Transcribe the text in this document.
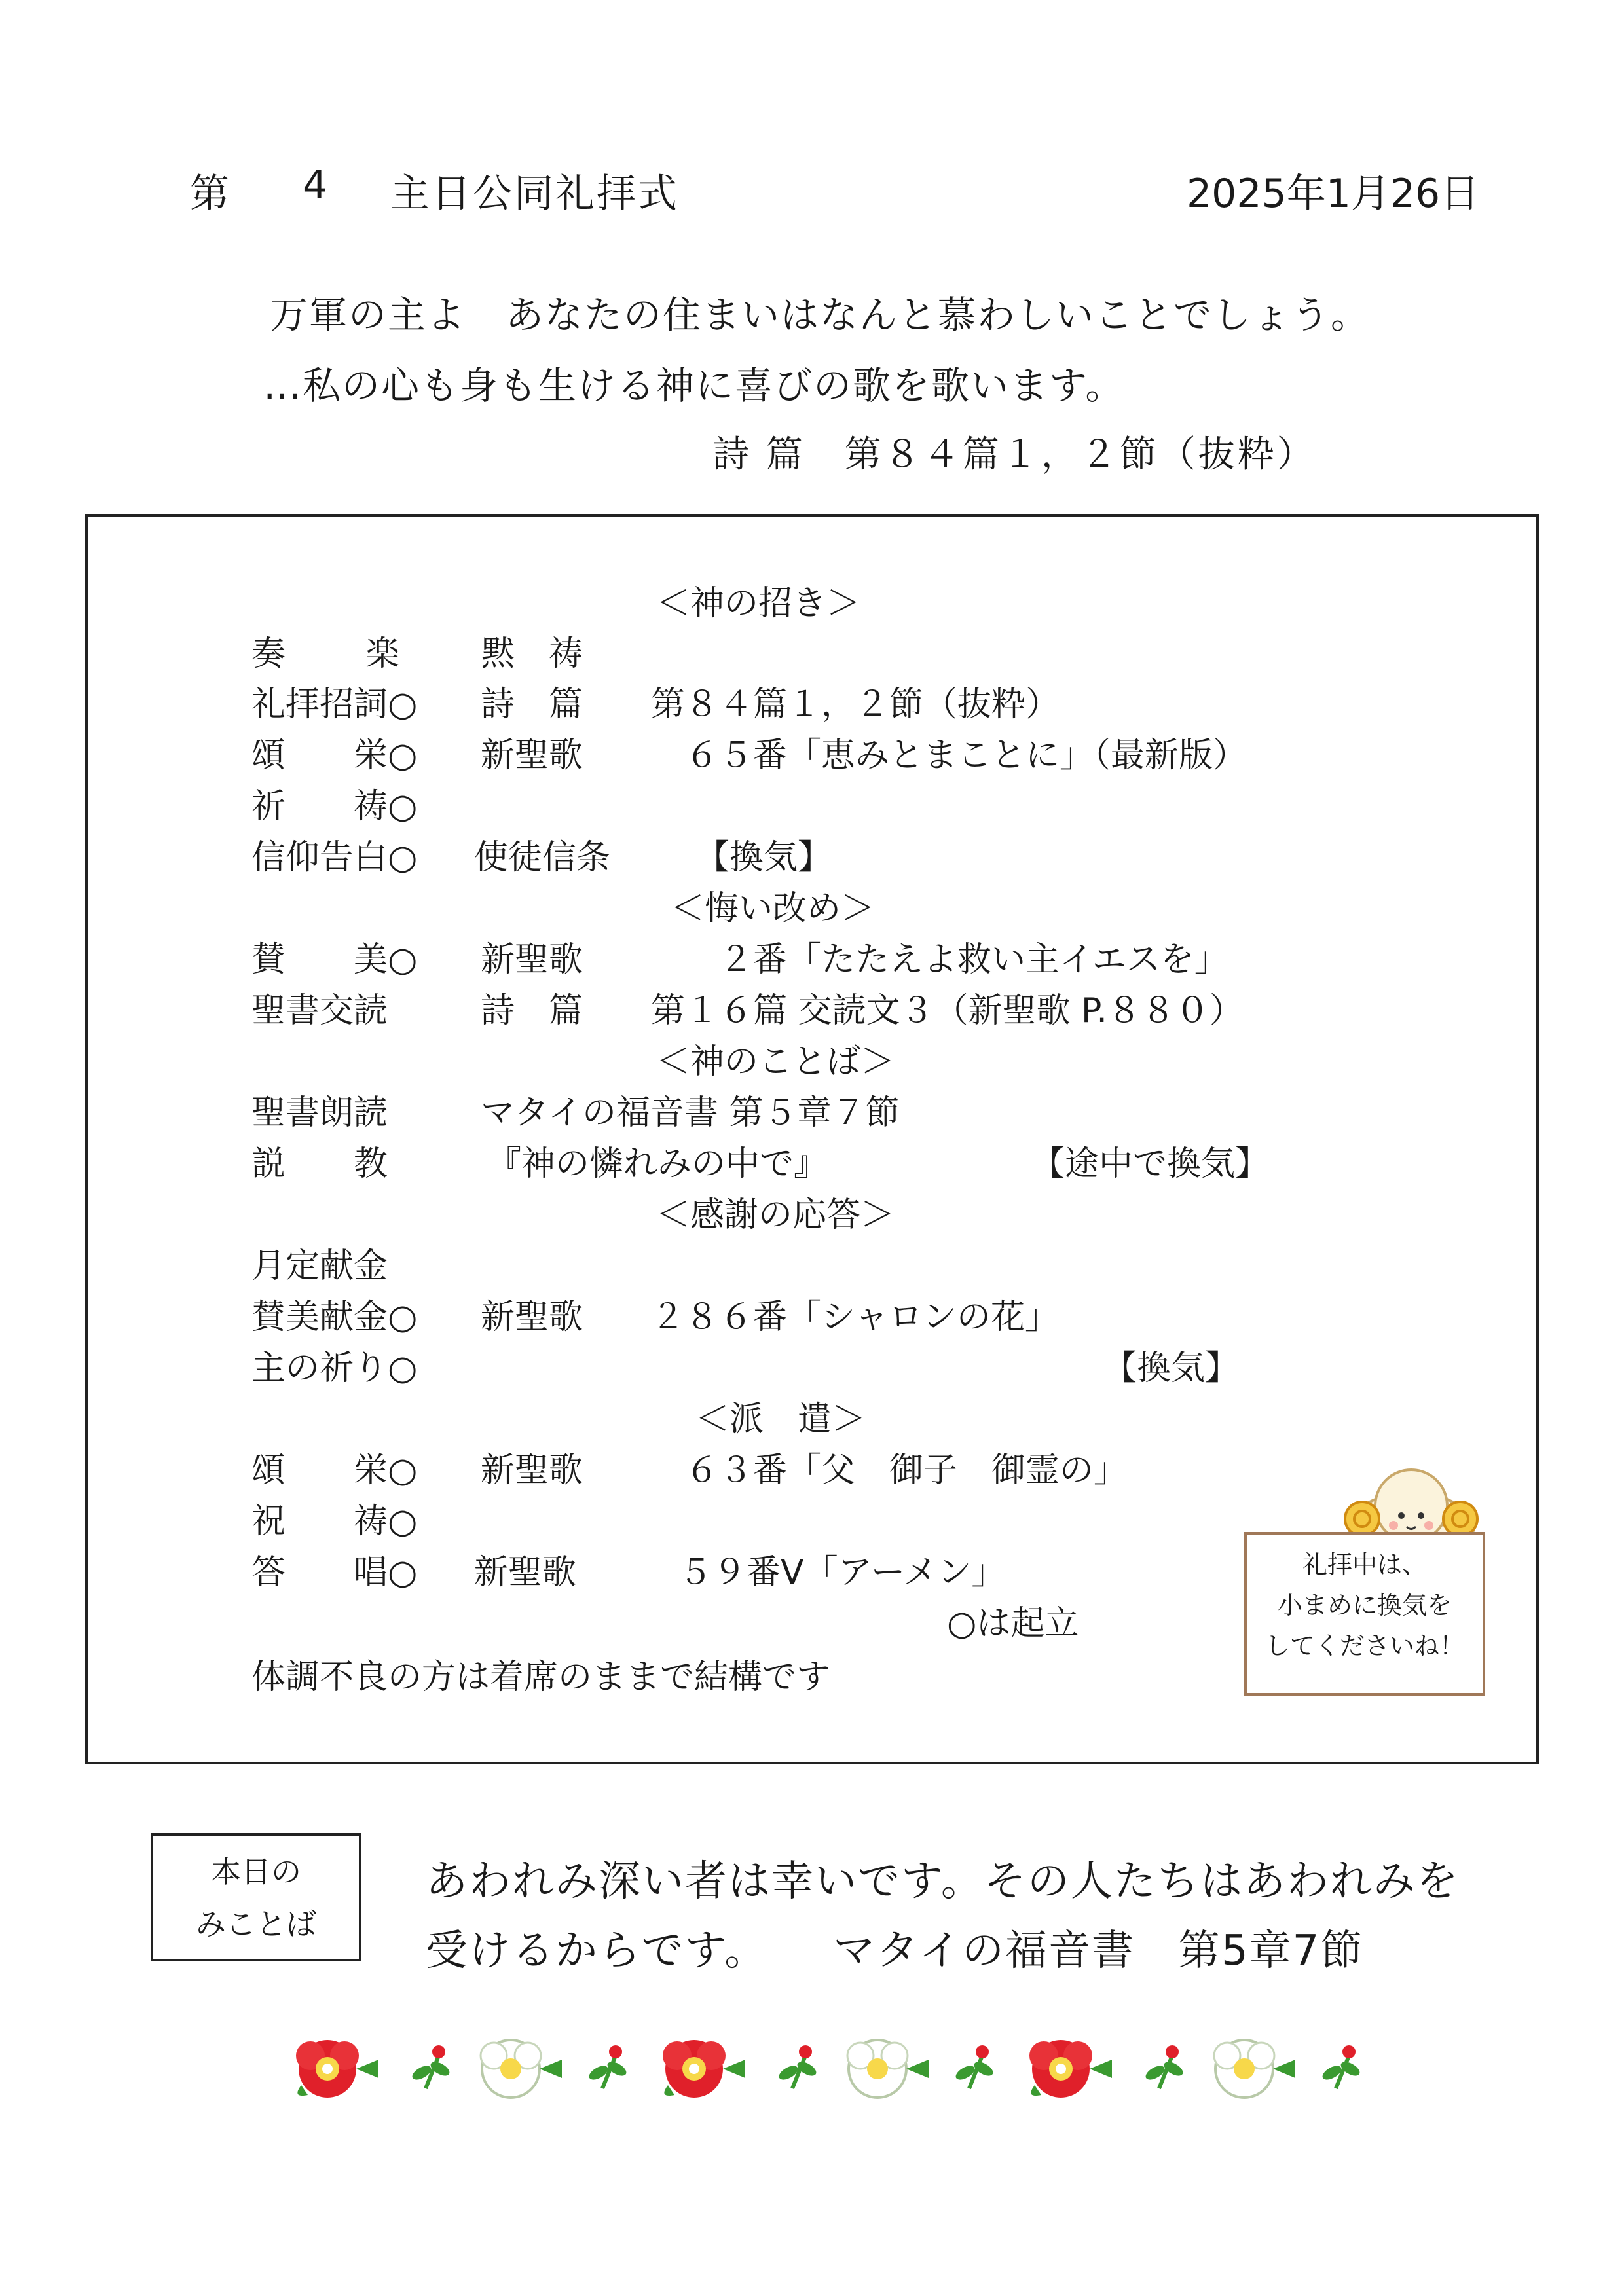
第 4 主日公同礼拝式	2025年1月26日
万軍の主よ　あなたの住まいはなんと慕わしいことでしょう。
…私の心も身も生ける神に喜びの歌を歌います。
詩 篇　第８４篇１，２節（抜粋）
＜神の招き＞
奏　　楽 黙　祷
礼拝招詞○ 詩　篇　　第８４篇１，２節（抜粋）
頌　　栄○ 新聖歌　　　６５番「恵みとまことに」（最新版）
祈　　祷○
信仰告白○ 使徒信条　　　【換気】
＜悔い改め＞
賛　　美○ 新聖歌　　　　２番「たたえよ救い主イエスを」
聖書交読	詩　篇　　第１６篇 交読文３（新聖歌 P.８８０）
＜神のことば＞
聖書朗読	マタイの福音書 第５章７節
説　　教	『神の憐れみの中で』	【途中で換気】
＜感謝の応答＞
月定献金
賛美献金○ 新聖歌　　２８６番「シャロンの花」
主の祈り○	【換気】
＜派　遣＞
頌　　栄○ 新聖歌　　　６３番「父　御子　御霊の」
祝　　祷○
答　　唱○ 新聖歌　　　５９番Ⅴ「アーメン」
○は起立
体調不良の方は着席のままで結構です
礼拝中は、
小まめに換気を
してくださいね！
本日の
みことば
あわれみ深い者は幸いです。その人たちはあわれみを
受けるからです。　　マタイの福音書　第5章7節
